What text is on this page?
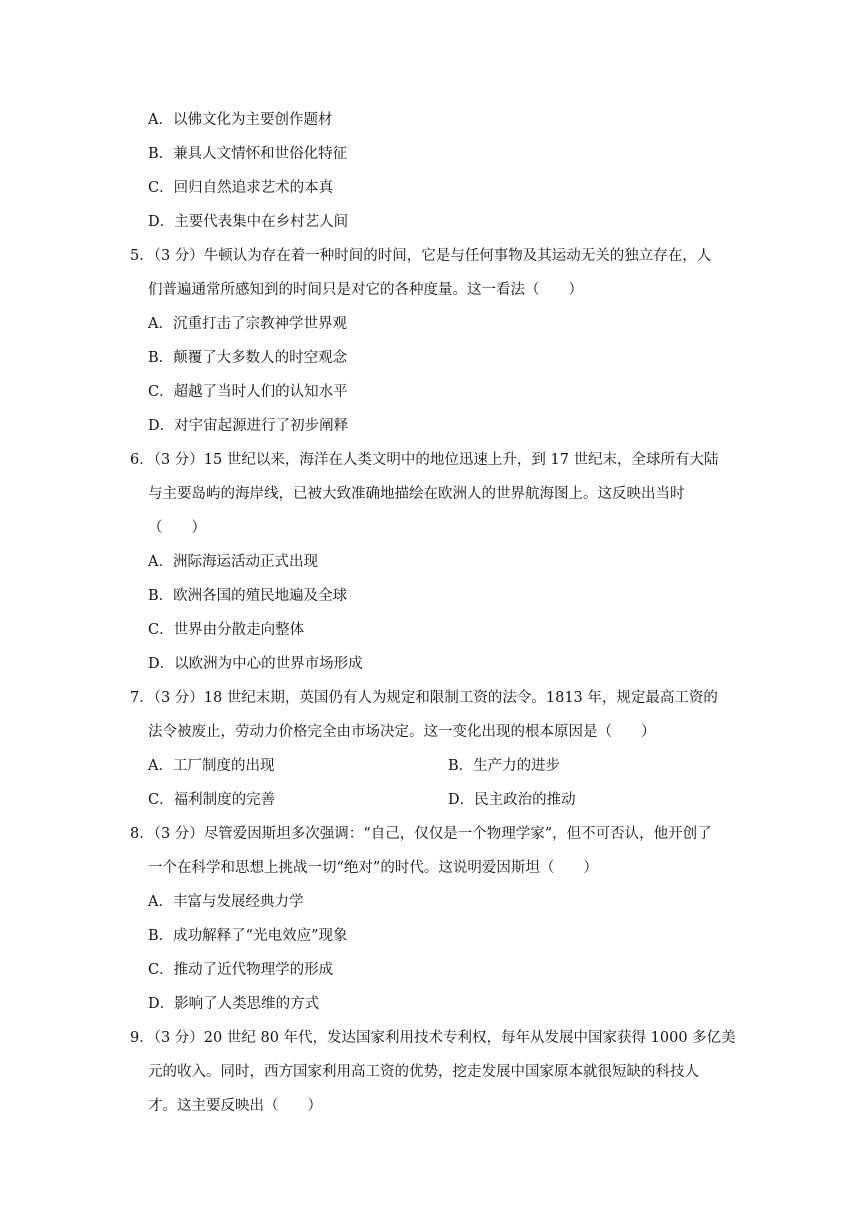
A．以佛文化为主要创作题材
B．兼具人文情怀和世俗化特征
C．回归自然追求艺术的本真
D．主要代表集中在乡村艺人间
5．（3 分）牛顿认为存在着一种时间的时间，它是与任何事物及其运动无关的独立存在，人
们普遍通常所感知到的时间只是对它的各种度量。这一看法（　　）
A．沉重打击了宗教神学世界观
B．颠覆了大多数人的时空观念
C．超越了当时人们的认知水平
D．对宇宙起源进行了初步阐释
6．（3 分）15 世纪以来，海洋在人类文明中的地位迅速上升，到 17 世纪末，全球所有大陆
与主要岛屿的海岸线，已被大致准确地描绘在欧洲人的世界航海图上。这反映出当时
（　　）
A．洲际海运活动正式出现
B．欧洲各国的殖民地遍及全球
C．世界由分散走向整体
D．以欧洲为中心的世界市场形成
7．（3 分）18 世纪末期，英国仍有人为规定和限制工资的法令。1813 年，规定最高工资的
法令被废止，劳动力价格完全由市场决定。这一变化出现的根本原因是（　　）
A．工厂制度的出现	B．生产力的进步
C．福利制度的完善	D．民主政治的推动
8．（3 分）尽管爱因斯坦多次强调：“自己，仅仅是一个物理学家”，但不可否认，他开创了
一个在科学和思想上挑战一切“绝对”的时代。这说明爱因斯坦（　　）
A．丰富与发展经典力学
B．成功解释了“光电效应”现象
C．推动了近代物理学的形成
D．影响了人类思维的方式
9．（3 分）20 世纪 80 年代，发达国家利用技术专利权，每年从发展中国家获得 1000 多亿美
元的收入。同时，西方国家利用高工资的优势，挖走发展中国家原本就很短缺的科技人
才。这主要反映出（　　）
